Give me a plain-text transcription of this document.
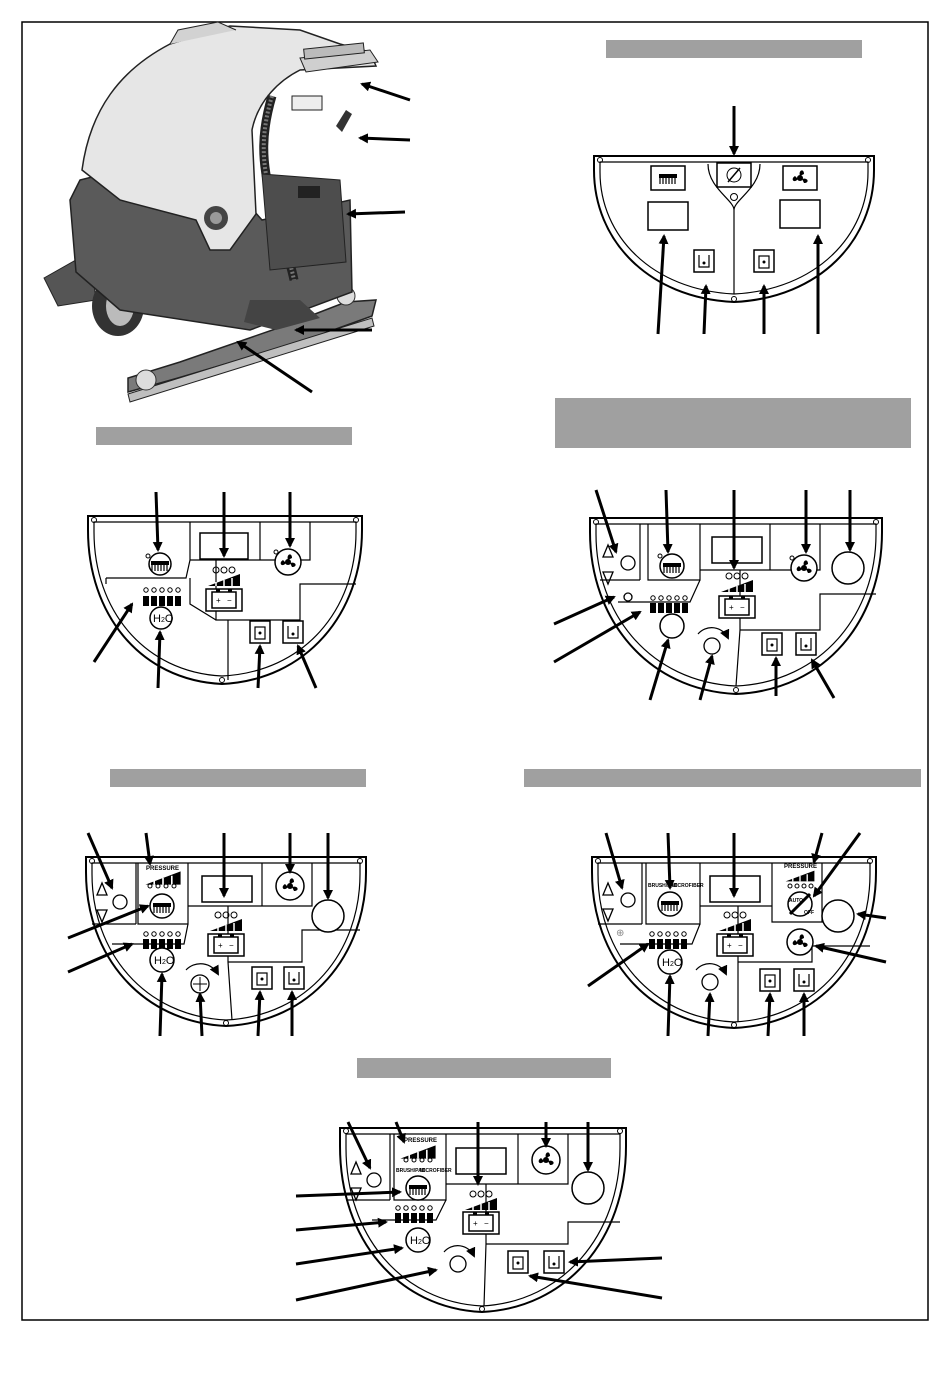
−
H2O
PRESSURE
H2O
⊕
BRUSH/PAD
MICROFIBER
PRESSURE
AUTO
OFF
H2O
PRESSURE
BRUSH/PAD
MICROFIBER
H2O
